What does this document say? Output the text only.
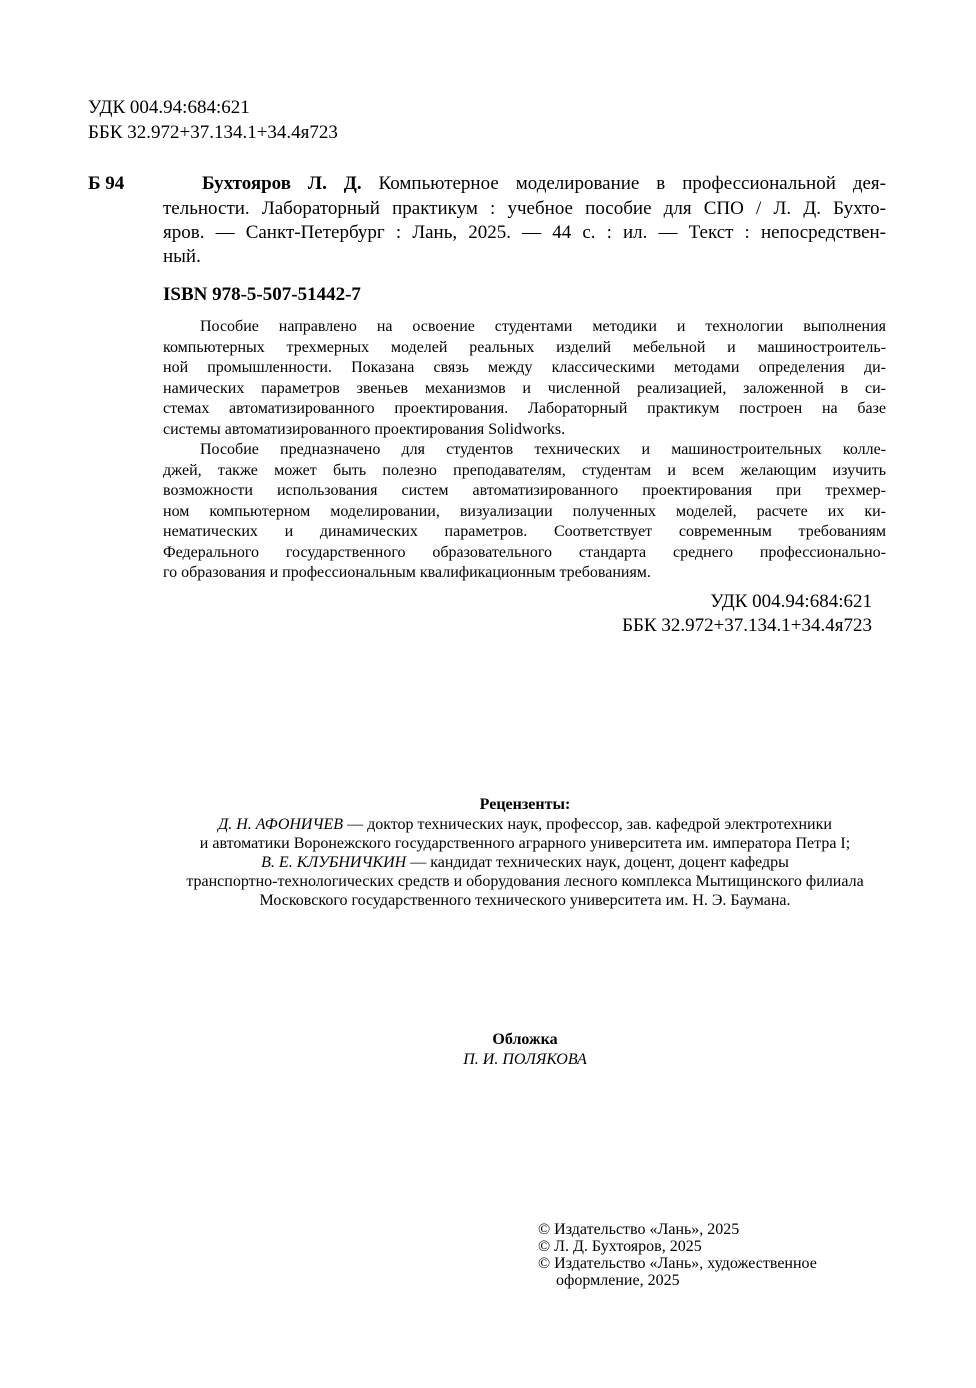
УДК 004.94:684:621
ББК 32.972+37.134.1+34.4я723
Б 94	Бухтояров Л. Д. Компьютерное моделирование в профессиональной дея-
тельности. Лабораторный практикум : учебное пособие для СПО / Л. Д. Бухто-
яров. — Санкт-Петербург : Лань, 2025. — 44 с. : ил. — Текст : непосредствен-
ный.
ISBN 978-5-507-51442-7
Пособие направлено на освоение студентами методики и технологии выполнения
компьютерных трехмерных моделей реальных изделий мебельной и машиностроитель-
ной промышленности. Показана связь между классическими методами определения ди-
намических параметров звеньев механизмов и численной реализацией, заложенной в си-
стемах автоматизированного проектирования. Лабораторный практикум построен на базе
системы автоматизированного проектирования Solidworks.
Пособие предназначено для студентов технических и машиностроительных колле-
джей, также может быть полезно преподавателям, студентам и всем желающим изучить
возможности использования систем автоматизированного проектирования при трехмер-
ном компьютерном моделировании, визуализации полученных моделей, расчете их ки-
нематических и динамических параметров. Соответствует современным требованиям
Федерального государственного образовательного стандарта среднего профессионально-
го образования и профессиональным квалификационным требованиям.
УДК 004.94:684:621
ББК 32.972+37.134.1+34.4я723
Рецензенты:
Д. Н. АФОНИЧЕВ — доктор технических наук, профессор, зав. кафедрой электротехники
и автоматики Воронежского государственного аграрного университета им. императора Петра I;
В. Е. КЛУБНИЧКИН — кандидат технических наук, доцент, доцент кафедры
транспортно-технологических средств и оборудования лесного комплекса Мытищинского филиала
Московского государственного технического университета им. Н. Э. Баумана.
Обложка
П. И. ПОЛЯКОВА
© Издательство «Лань», 2025
© Л. Д. Бухтояров, 2025
© Издательство «Лань», художественное
оформление, 2025
